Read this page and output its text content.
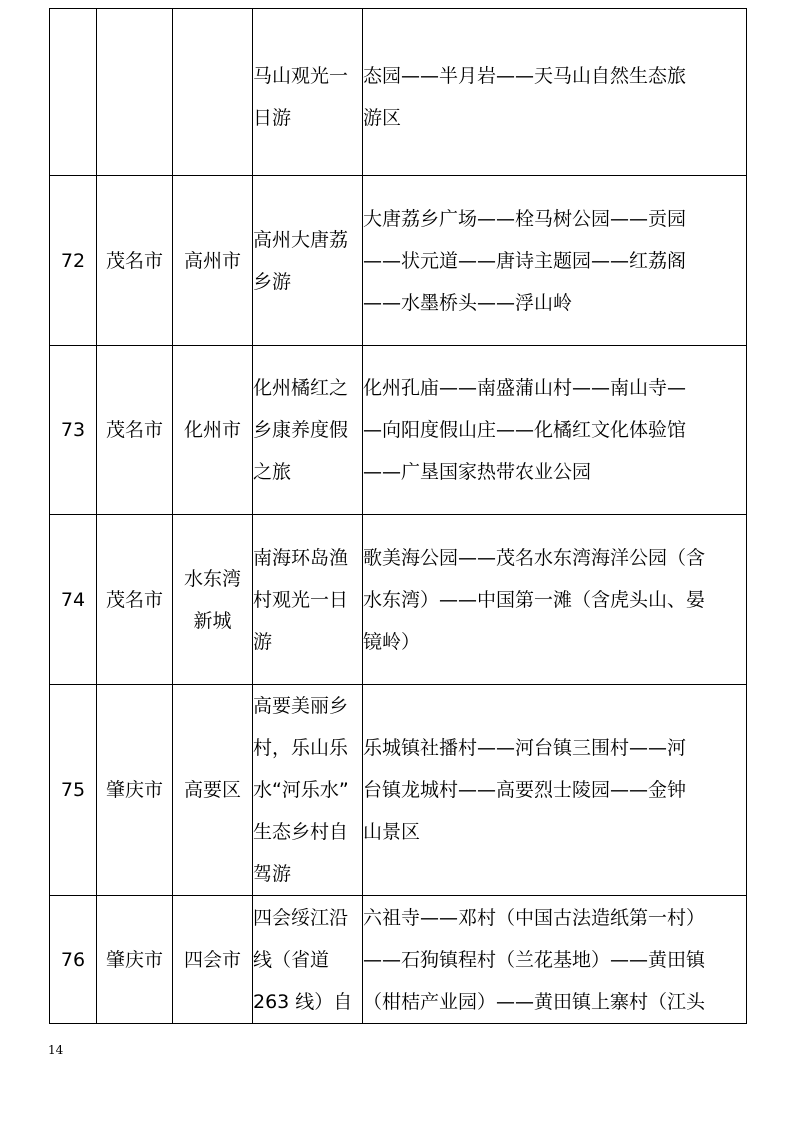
			马山观光一
日游	态园——半月岩——天马山自然生态旅
游区

72	茂名市	高州市	高州大唐荔
乡游	大唐荔乡广场——栓马树公园——贡园
——状元道——唐诗主题园——红荔阁
——水墨桥头——浮山岭

73	茂名市	化州市	化州橘红之
乡康养度假
之旅	化州孔庙——南盛蒲山村——南山寺—
—向阳度假山庄——化橘红文化体验馆
——广垦国家热带农业公园

74	茂名市	水东湾
新城	南海环岛渔
村观光一日
游	歌美海公园——茂名水东湾海洋公园（含
水东湾）——中国第一滩（含虎头山、晏
镜岭）

75	肇庆市	高要区	高要美丽乡
村，乐山乐
水“河乐水”
生态乡村自
驾游	乐城镇社播村——河台镇三围村——河
台镇龙城村——高要烈士陵园——金钟
山景区

76	肇庆市	四会市	四会绥江沿
线（省道
263 线）自	六祖寺——邓村（中国古法造纸第一村）
——石狗镇程村（兰花基地）——黄田镇
（柑桔产业园）——黄田镇上寨村（江头
14
